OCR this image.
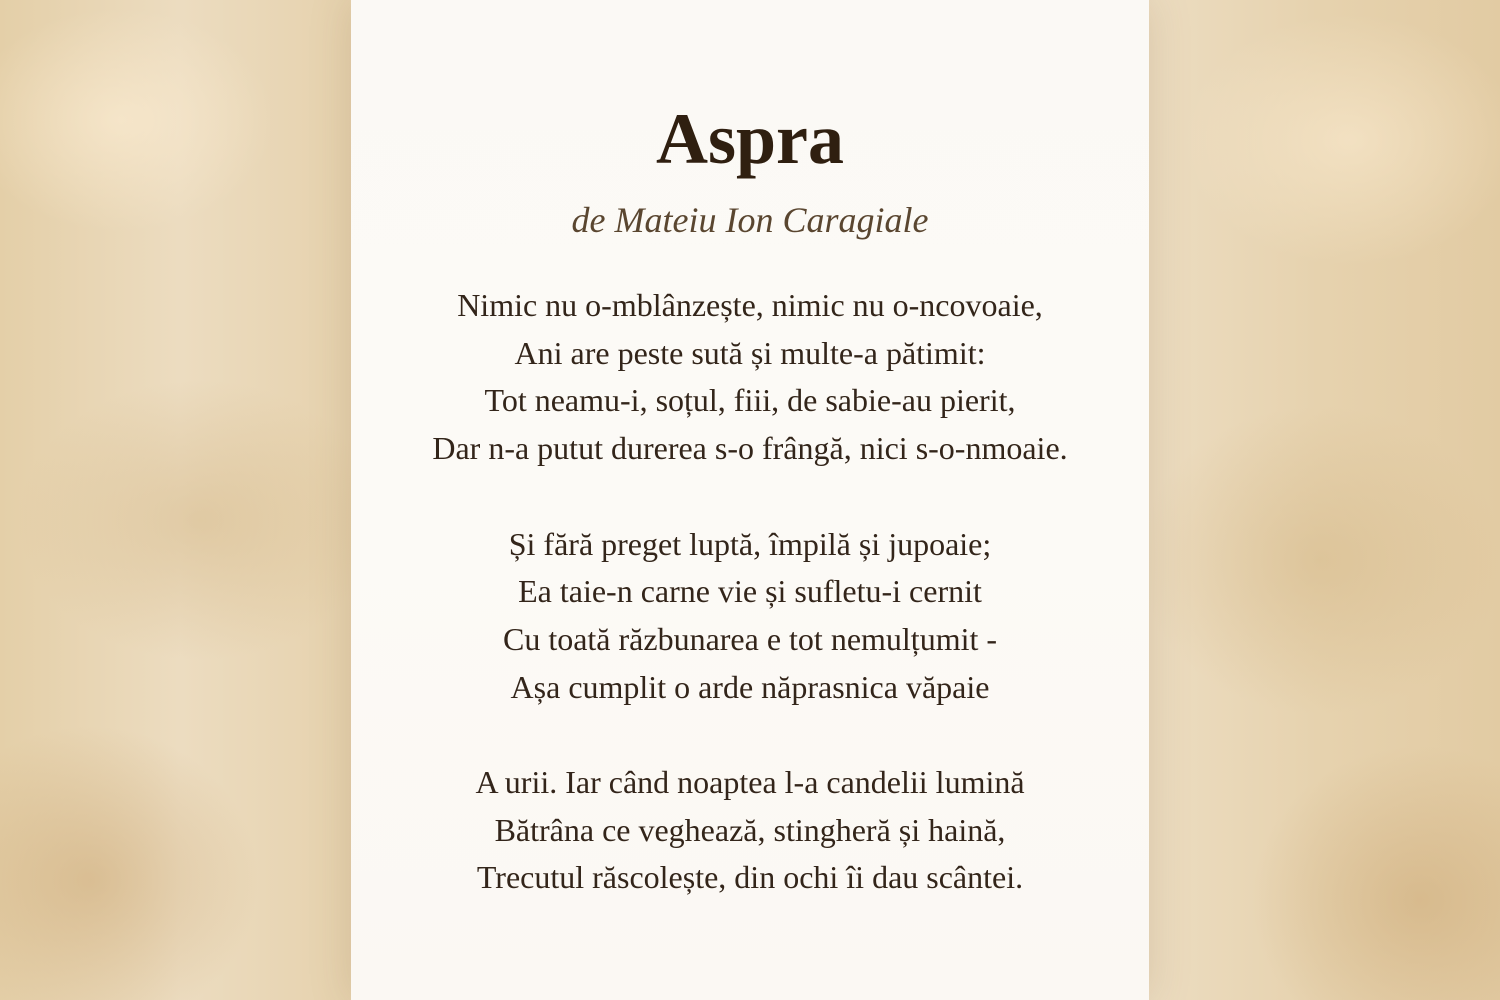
Aspra

de Mateiu Ion Caragiale

Nimic nu o-mblânzește, nimic nu o-ncovoaie,
Ani are peste sută și multe-a pătimit:
Tot neamu-i, soțul, fiii, de sabie-au pierit,
Dar n-a putut durerea s-o frângă, nici s-o-nmoaie.
Și fără preget luptă, împilă și jupoaie;
Ea taie-n carne vie și sufletu-i cernit
Cu toată răzbunarea e tot nemulțumit -
Așa cumplit o arde năprasnica văpaie
A urii. Iar când noaptea l-a candelii lumină
Bătrâna ce veghează, stingheră și haină,
Trecutul răscolește, din ochi îi dau scântei.
